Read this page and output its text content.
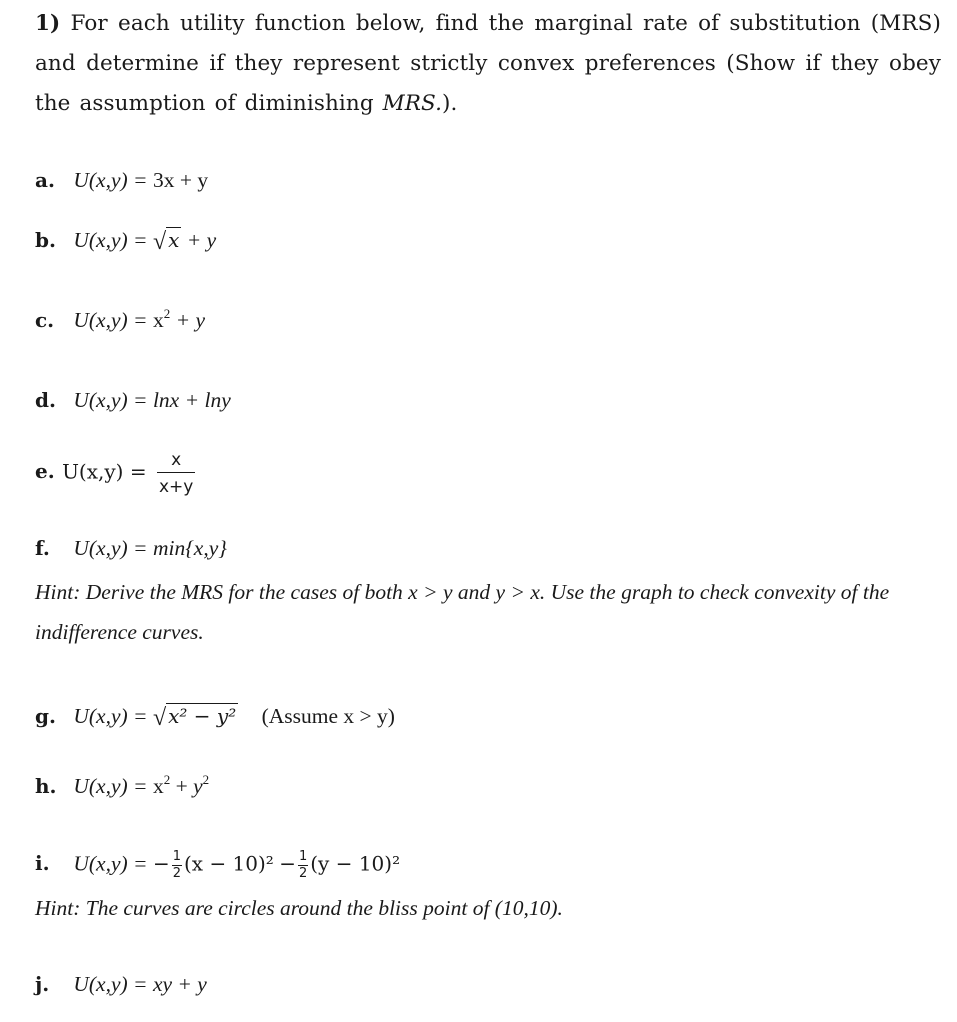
1) For each utility function below, find the marginal rate of substitution (MRS) and determine if they represent strictly convex preferences (Show if they obey the assumption of diminishing MRS.).
a. U(x,y) = 3x + y
b. U(x,y) = √ x + y
c. $U(x,y) = x^2 + y$
d. U(x,y) = lnx + lny
e. $U(x,y) = \frac{x}{x+y}$
f. U(x,y) = min{x,y}
Hint: Derive the MRS for the cases of both x > y and y > x. Use the graph to check convexity of the indifference curves.
g. U(x,y) = √ x² − y² (Assume x > y)
h. $U(x,y) = x^2 + y^2$
i. U(x,y) = − $\frac{1}{2} (x - 10)^2 - \frac{1}{2} (y - 10)^2$
Hint: The curves are circles around the bliss point of (10,10).
j. U(x,y) = xy + y
